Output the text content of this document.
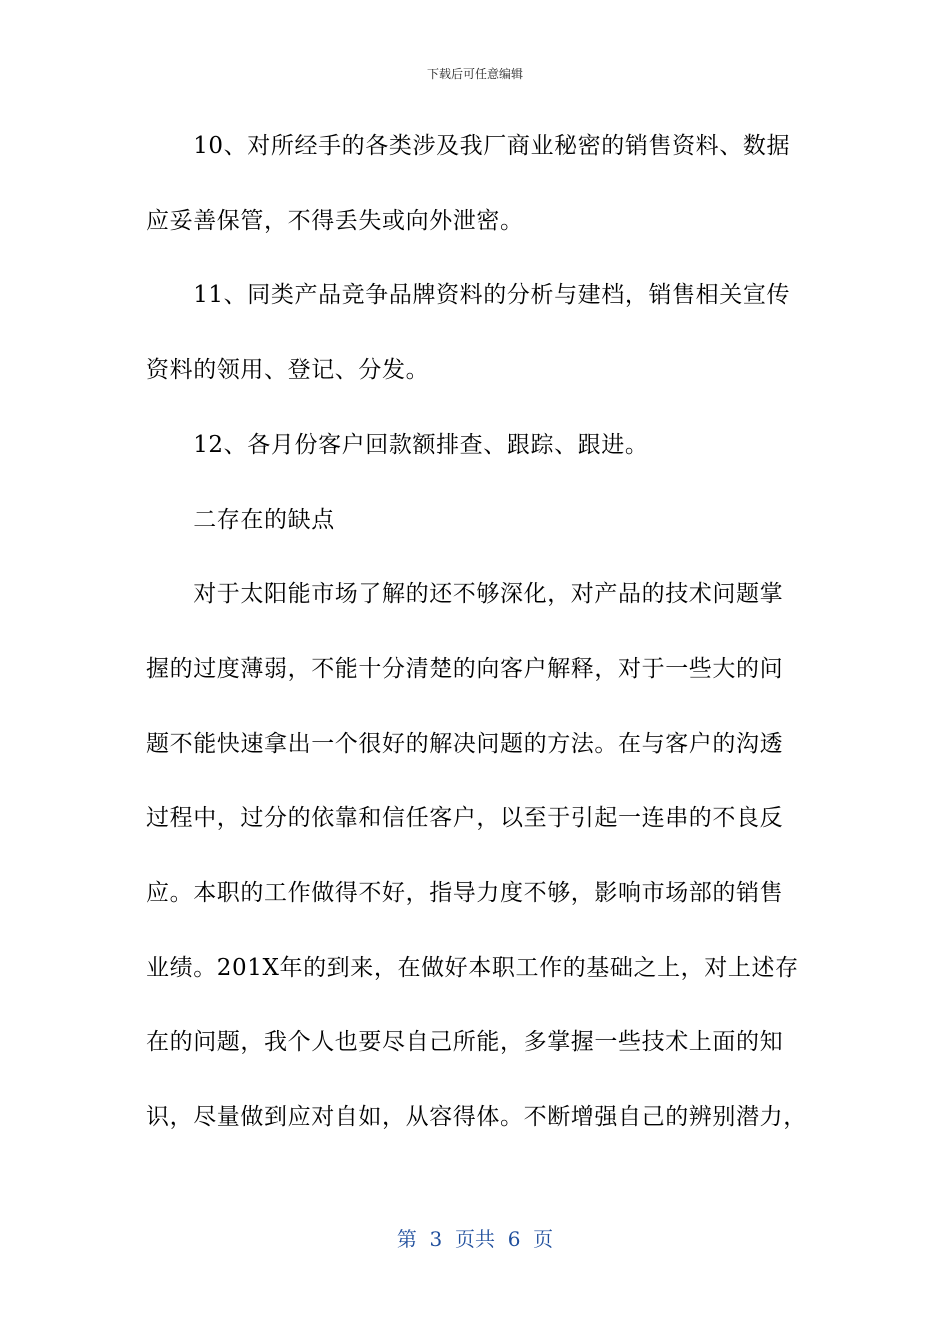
下载后可任意编辑
　　10、对所经手的各类涉及我厂商业秘密的销售资料、数据
应妥善保管，不得丢失或向外泄密。
　　11、同类产品竞争品牌资料的分析与建档，销售相关宣传
资料的领用、登记、分发。
　　12、各月份客户回款额排查、跟踪、跟进。
　　二存在的缺点
　　对于太阳能市场了解的还不够深化，对产品的技术问题掌
握的过度薄弱，不能十分清楚的向客户解释，对于一些大的问
题不能快速拿出一个很好的解决问题的方法。在与客户的沟透
过程中，过分的依靠和信任客户，以至于引起一连串的不良反
应。本职的工作做得不好，指导力度不够，影响市场部的销售
业绩。201X年的到来，在做好本职工作的基础之上，对上述存
在的问题，我个人也要尽自己所能，多掌握一些技术上面的知
识，尽量做到应对自如，从容得体。不断增强自己的辨别潜力，
第  3  页共  6  页
